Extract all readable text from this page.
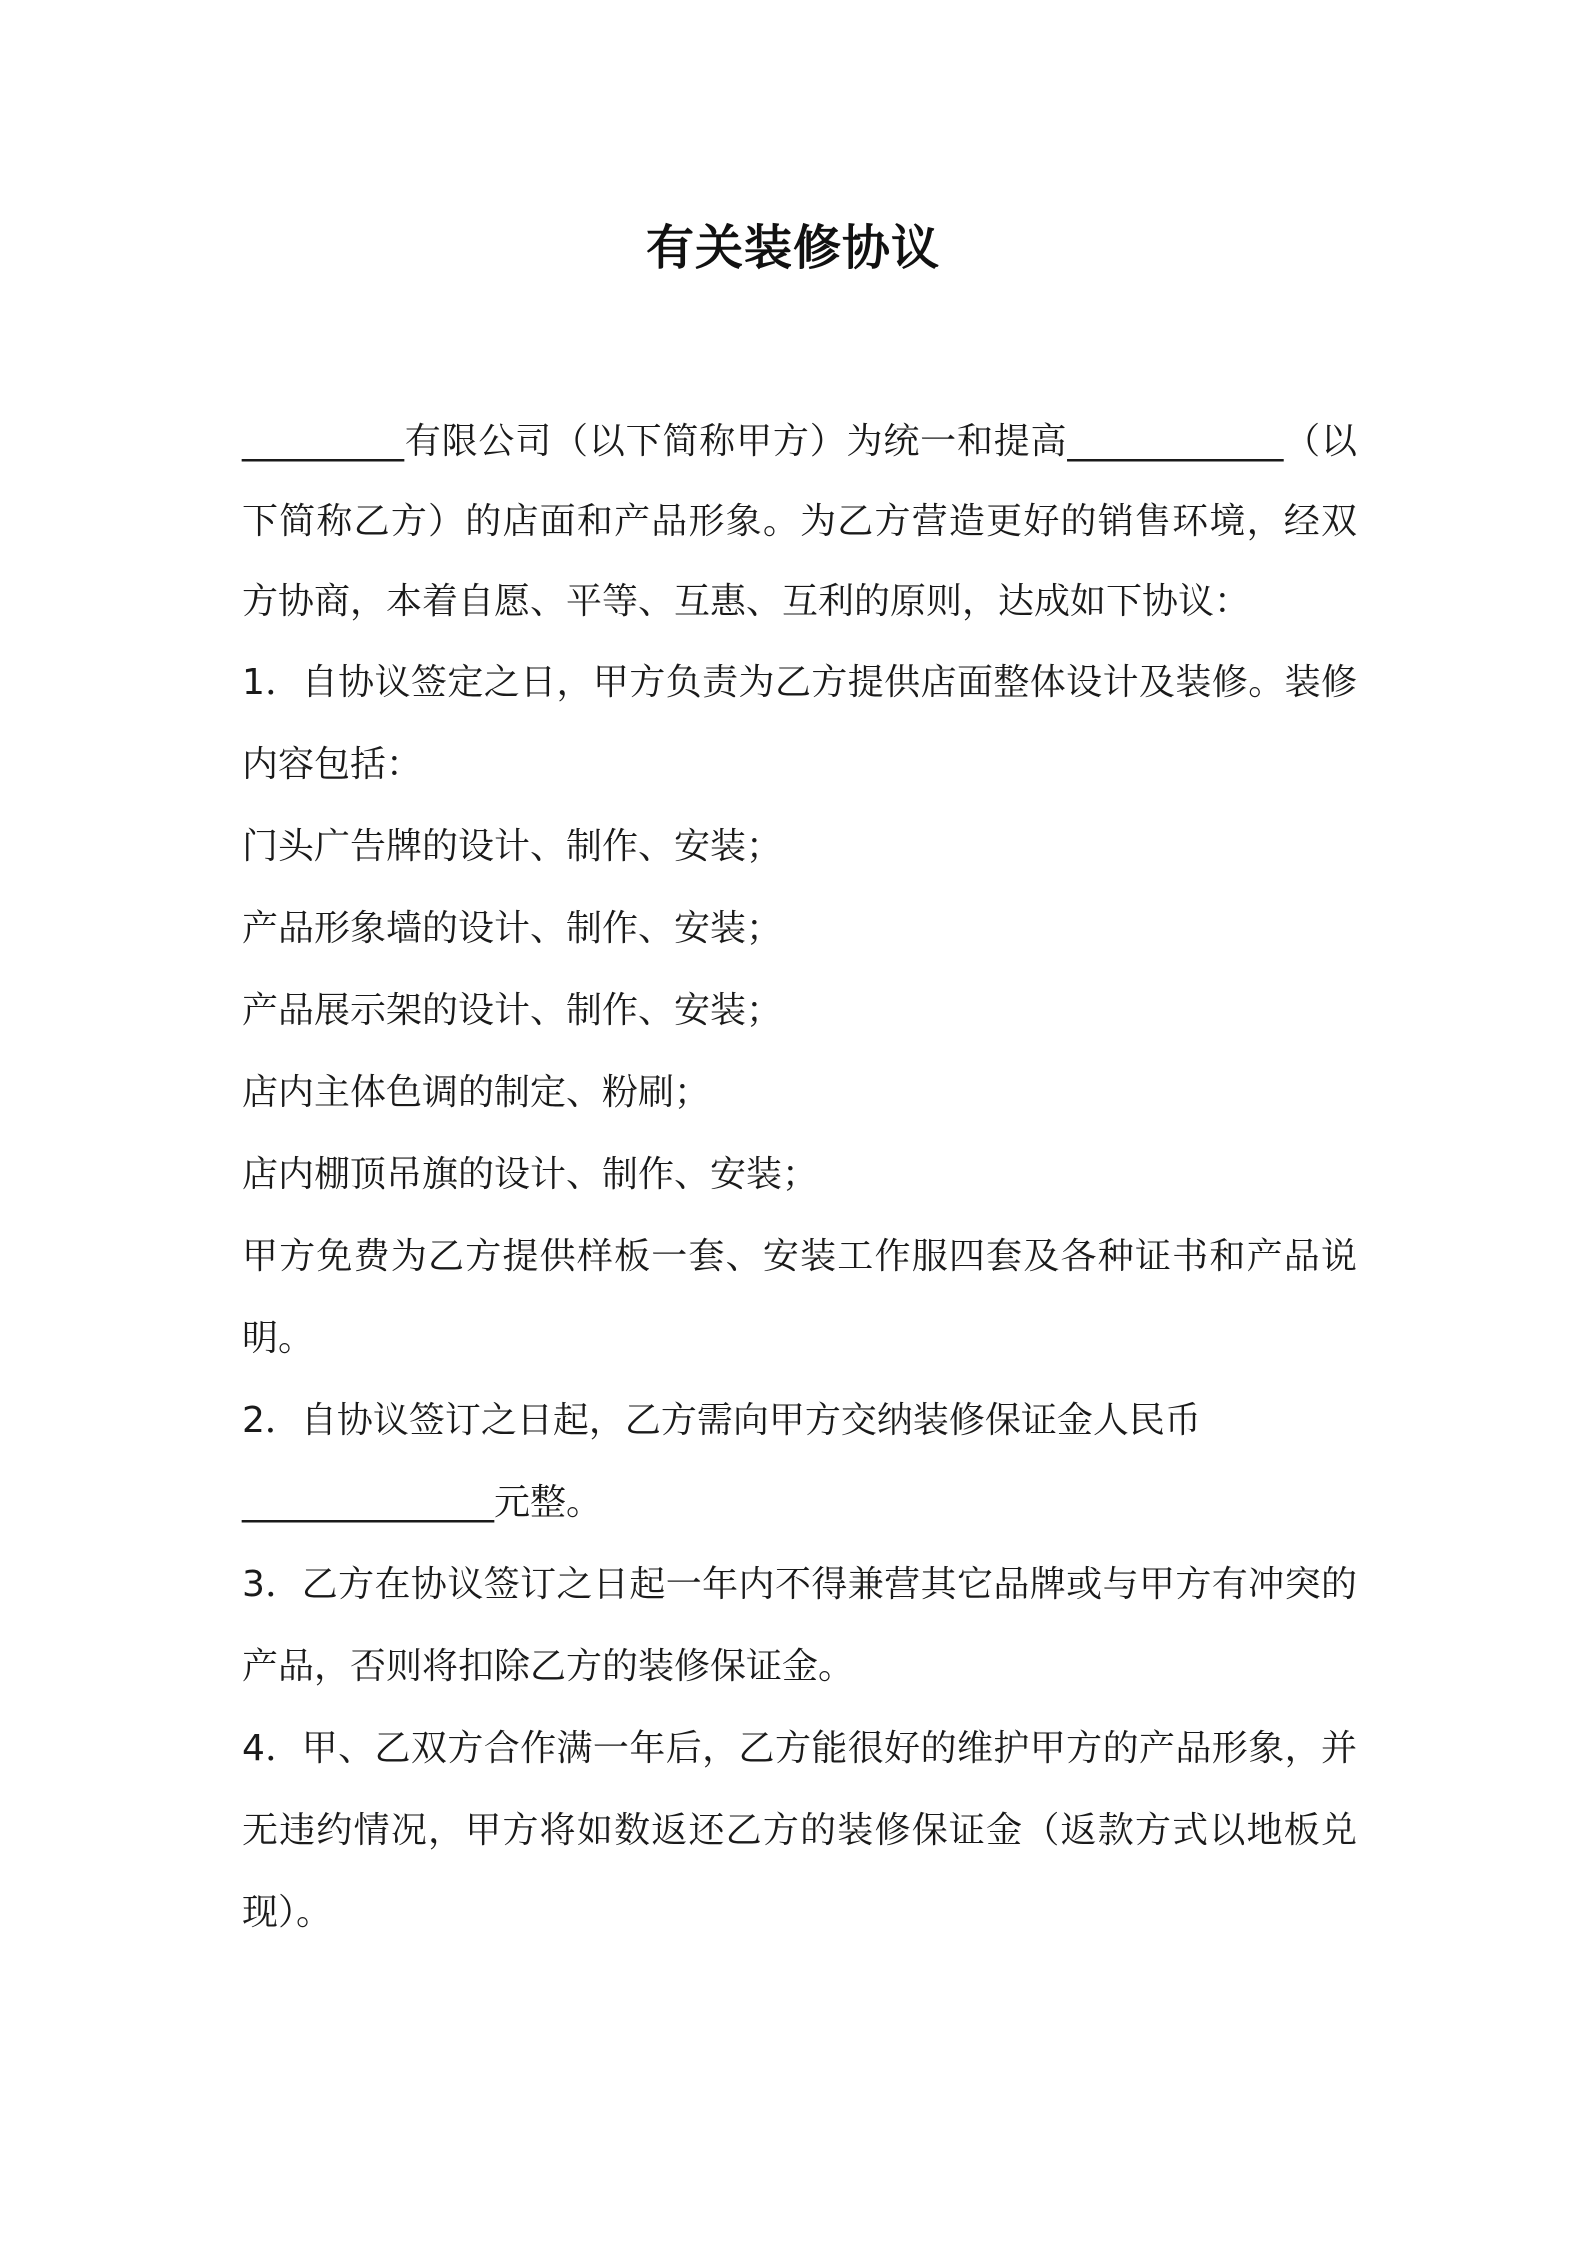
有关装修协议

_________有限公司（以下简称甲方）为统一和提高____________（以下简称乙方）的店面和产品形象。为乙方营造更好的销售环境，经双方协商，本着自愿、平等、互惠、互利的原则，达成如下协议：

1．自协议签定之日，甲方负责为乙方提供店面整体设计及装修。装修内容包括：

门头广告牌的设计、制作、安装；

产品形象墙的设计、制作、安装；

产品展示架的设计、制作、安装；

店内主体色调的制定、粉刷；

店内棚顶吊旗的设计、制作、安装；

甲方免费为乙方提供样板一套、安装工作服四套及各种证书和产品说明。

2．自协议签订之日起，乙方需向甲方交纳装修保证金人民币

______________元整。

3．乙方在协议签订之日起一年内不得兼营其它品牌或与甲方有冲突的产品，否则将扣除乙方的装修保证金。

4．甲、乙双方合作满一年后，乙方能很好的维护甲方的产品形象，并无违约情况，甲方将如数返还乙方的装修保证金（返款方式以地板兑现）。
